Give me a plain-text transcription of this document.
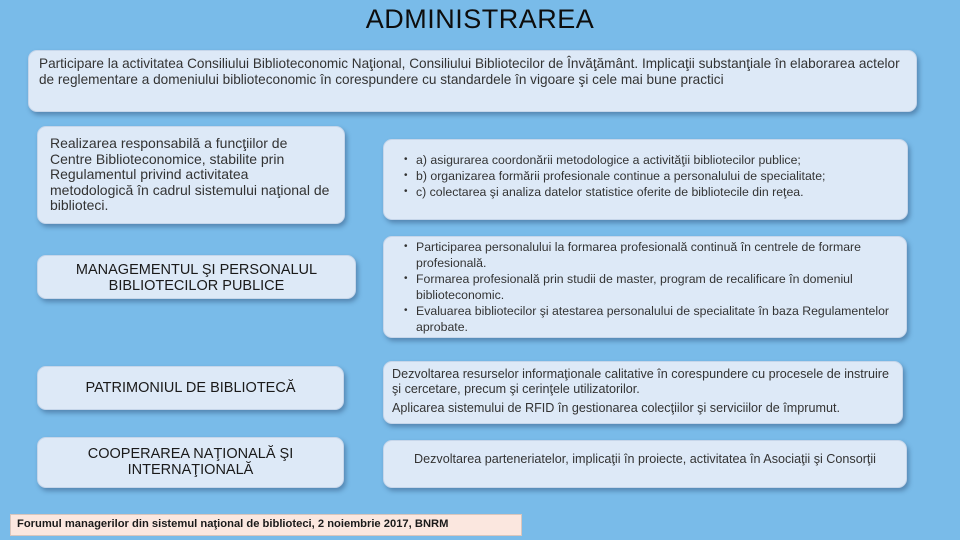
ADMINISTRAREA
Participare la activitatea Consiliului Biblioteconomic Naţional, Consiliului Bibliotecilor de Învăţământ. Implicaţii substanţiale în elaborarea actelor de reglementare a domeniului biblioteconomic în corespundere cu standardele în vigoare şi cele mai bune practici
Realizarea responsabilă a funcţiilor de Centre Biblioteconomice, stabilite prin Regulamentul privind activitatea metodologică în cadrul sistemului naţional de biblioteci.
MANAGEMENTUL ŞI PERSONALUL BIBLIOTECILOR PUBLICE
PATRIMONIUL DE BIBLIOTECĂ
COOPERAREA NAŢIONALĂ ŞI INTERNAŢIONALĂ
• a) asigurarea coordonării metodologice a activităţii bibliotecilor publice;
• b) organizarea formării profesionale continue a personalului de specialitate;
• c) colectarea şi analiza datelor statistice oferite de bibliotecile din reţea.
• Participarea personalului la formarea profesională continuă în centrele de formare profesională.
• Formarea profesională prin studii de master, program de recalificare în domeniul biblioteconomic.
• Evaluarea bibliotecilor şi atestarea personalului de specialitate în baza Regulamentelor aprobate.

Dezvoltarea resurselor informaţionale calitative în corespundere cu procesele de instruire şi cercetare, precum şi cerinţele utilizatorilor.

Aplicarea sistemului de RFID în gestionarea colecţiilor şi serviciilor de împrumut.

Dezvoltarea parteneriatelor, implicaţii în proiecte, activitatea în Asociaţii şi Consorţii
Forumul managerilor din sistemul naţional de biblioteci, 2 noiembrie 2017, BNRM
